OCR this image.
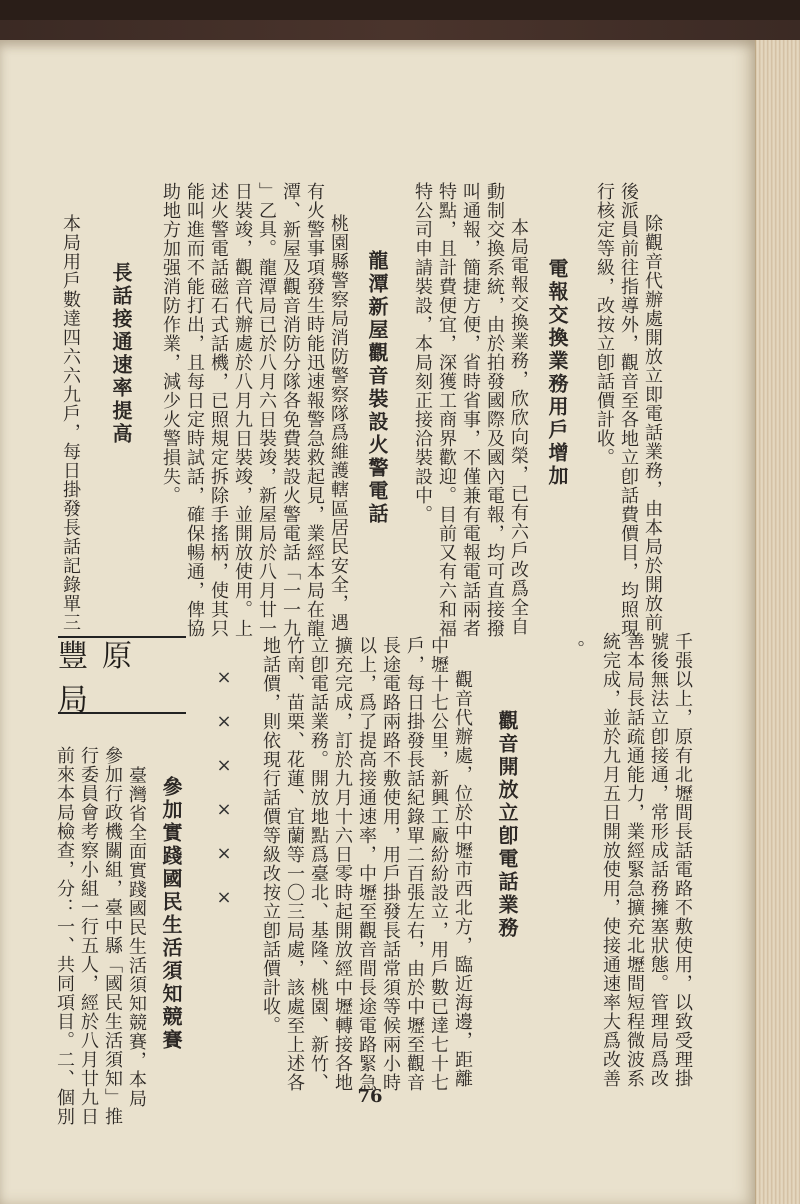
除觀音代辦處開放立即電話業務，由本局於開放前
後派員前往指導外，觀音至各地立卽話費價目，均照現
行核定等級，改按立卽話價計收。
電報交換業務用戶增加
本局電報交換業務，欣欣向榮，已有六戶改爲全自
動制交換系統，由於拍發國際及國內電報，均可直接撥
叫通報，簡捷方便，省時省事，不僅兼有電報電話兩者
特點，且計費便宜，深獲工商界歡迎。目前又有六和福
特公司申請裝設，本局刻正接洽裝設中。
龍潭新屋觀音裝設火警電話
桃園縣警察局消防警察隊爲維護轄區居民安全，遇
有火警事項發生時能迅速報警急救起見，業經本局在龍
潭、新屋及觀音消防分隊各免費裝設火警電話「一一九
」乙具。龍潭局已於八月六日裝竣，新屋局於八月廿一
日裝竣，觀音代辦處於八月九日裝竣，並開放使用。上
述火警電話磁石式話機，已照規定拆除手搖柄，使其只
能叫進而不能打出，且每日定時試話，確保暢通，俾協
助地方加强消防作業，減少火警損失。
長話接通速率提高
本局用戶數達四六六九戶，每日掛發長話記錄單三
千張以上，原有北壢間長話電路不敷使用，以致受理掛
號後無法立卽接通，常形成話務擁塞狀態。管理局爲改
善本局長話疏通能力，業經緊急擴充北壢間短程微波系
統完成，並於九月五日開放使用，使接通速率大爲改善
。
觀音開放立卽電話業務
觀音代辦處，位於中壢市西北方，臨近海邊，距離
中壢十七公里，新興工廠紛紛設立，用戶數已達七十七
戶，每日掛發長話紀錄單二百張左右，由於中壢至觀音
長途電路兩路不敷使用，用戶掛發長話常須等候兩小時
以上，爲了提高接通速率，中壢至觀音間長途電路緊急
擴充完成，訂於九月十六日零時起開放經中壢轉接各地
立卽電話業務。開放地點爲臺北、基隆、桃園、新竹、
竹南、苗栗、花蓮、宜蘭等一〇三局處，該處至上述各
地話價，則依現行話價等級改按立卽話價計收。
×
×
×
×
×
×
參加實踐國民生活須知競賽
臺灣省全面實踐國民生活須知競賽，本局
參加行政機關組，臺中縣「國民生活須知」推
行委員會考察小組一行五人，經於八月廿九日
前來本局檢查，分：一、共同項目。二、個別
豐原局
76
